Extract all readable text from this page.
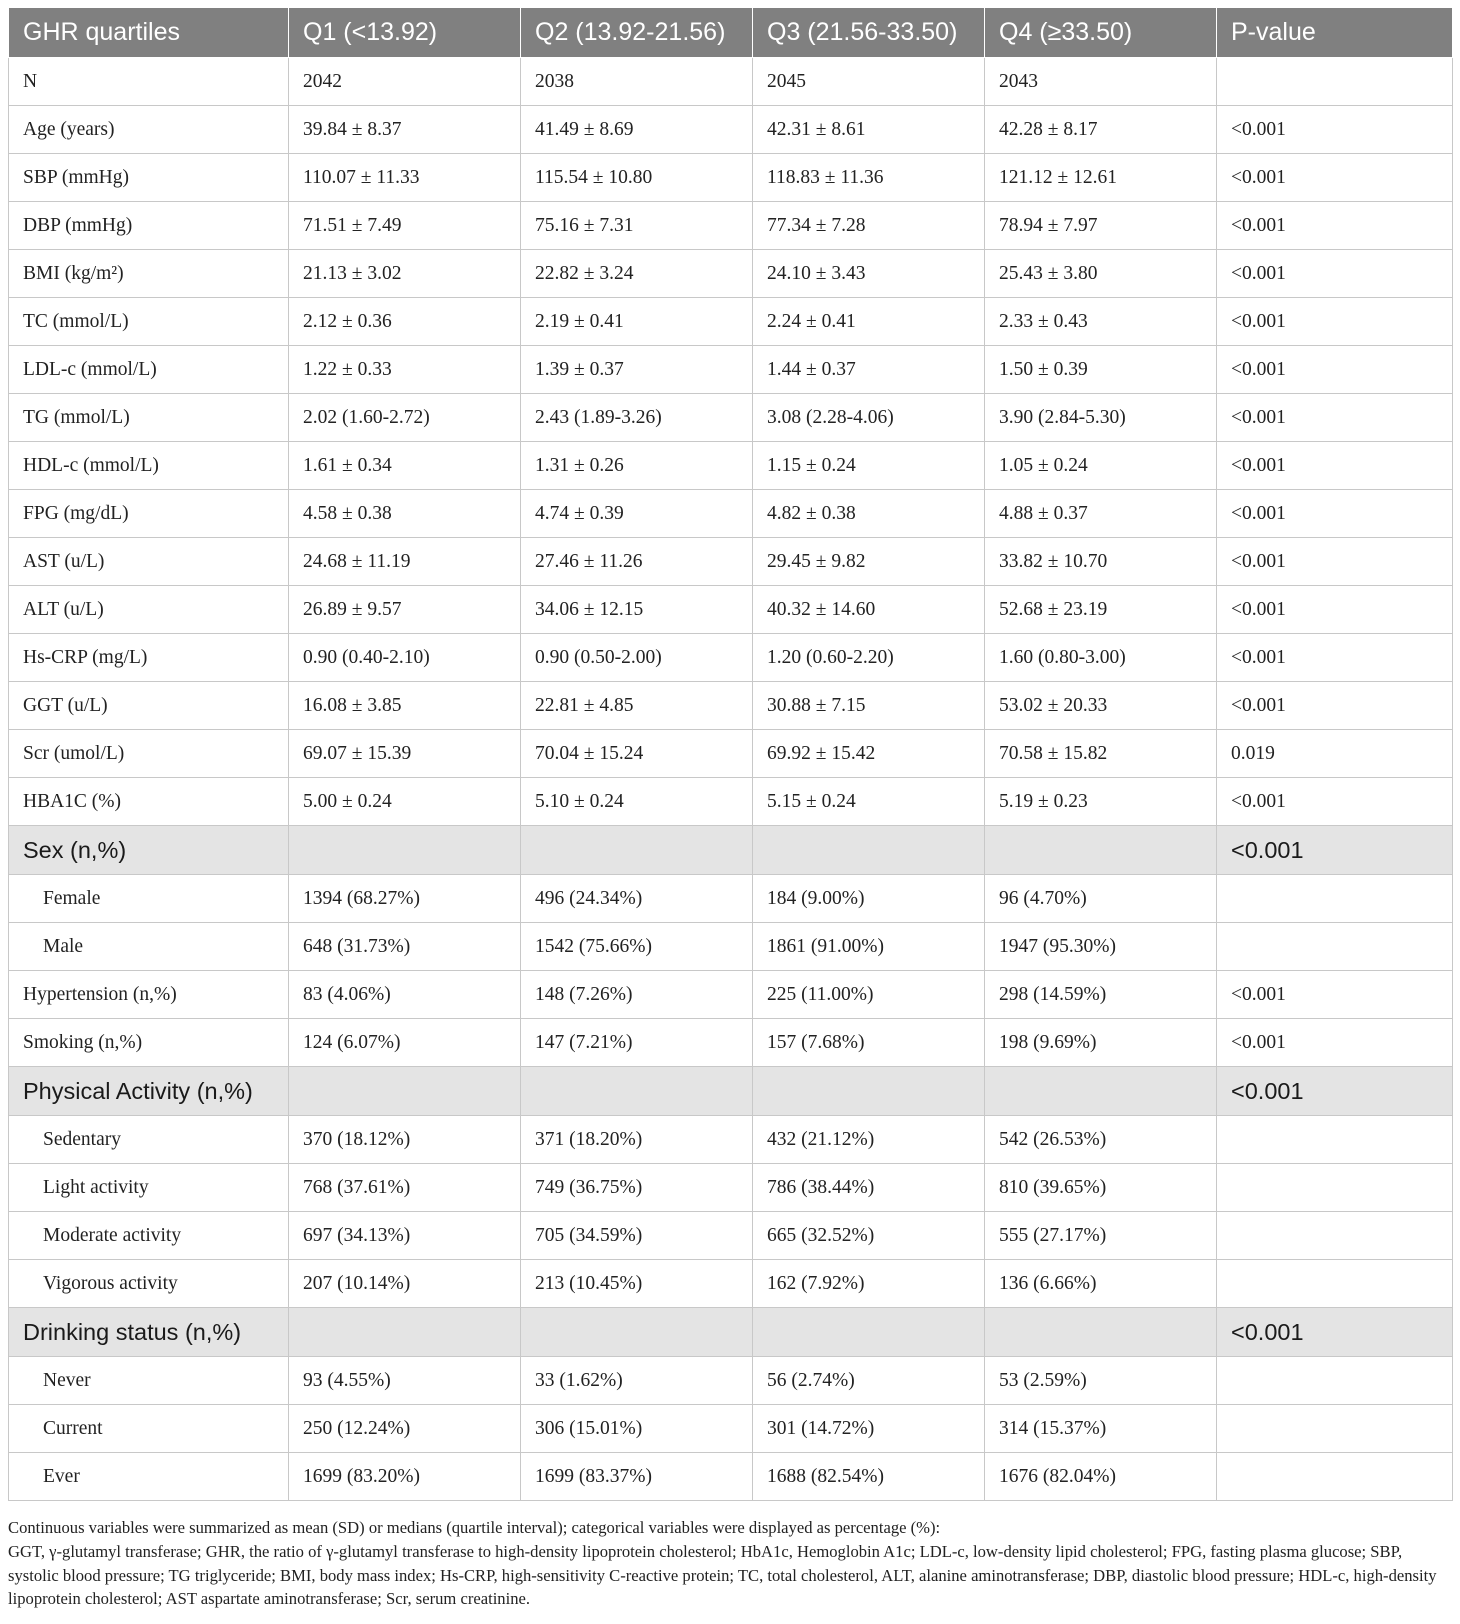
GHR quartiles	Q1 (<13.92)	Q2 (13.92-21.56)	Q3 (21.56-33.50)	Q4 (≥33.50)	P-value
N	2042	2038	2045	2043	
Age (years)	39.84 ± 8.37	41.49 ± 8.69	42.31 ± 8.61	42.28 ± 8.17	<0.001
SBP (mmHg)	110.07 ± 11.33	115.54 ± 10.80	118.83 ± 11.36	121.12 ± 12.61	<0.001
DBP (mmHg)	71.51 ± 7.49	75.16 ± 7.31	77.34 ± 7.28	78.94 ± 7.97	<0.001
BMI (kg/m²)	21.13 ± 3.02	22.82 ± 3.24	24.10 ± 3.43	25.43 ± 3.80	<0.001
TC (mmol/L)	2.12 ± 0.36	2.19 ± 0.41	2.24 ± 0.41	2.33 ± 0.43	<0.001
LDL-c (mmol/L)	1.22 ± 0.33	1.39 ± 0.37	1.44 ± 0.37	1.50 ± 0.39	<0.001
TG (mmol/L)	2.02 (1.60-2.72)	2.43 (1.89-3.26)	3.08 (2.28-4.06)	3.90 (2.84-5.30)	<0.001
HDL-c (mmol/L)	1.61 ± 0.34	1.31 ± 0.26	1.15 ± 0.24	1.05 ± 0.24	<0.001
FPG (mg/dL)	4.58 ± 0.38	4.74 ± 0.39	4.82 ± 0.38	4.88 ± 0.37	<0.001
AST (u/L)	24.68 ± 11.19	27.46 ± 11.26	29.45 ± 9.82	33.82 ± 10.70	<0.001
ALT (u/L)	26.89 ± 9.57	34.06 ± 12.15	40.32 ± 14.60	52.68 ± 23.19	<0.001
Hs-CRP (mg/L)	0.90 (0.40-2.10)	0.90 (0.50-2.00)	1.20 (0.60-2.20)	1.60 (0.80-3.00)	<0.001
GGT (u/L)	16.08 ± 3.85	22.81 ± 4.85	30.88 ± 7.15	53.02 ± 20.33	<0.001
Scr (umol/L)	69.07 ± 15.39	70.04 ± 15.24	69.92 ± 15.42	70.58 ± 15.82	0.019
HBA1C (%)	5.00 ± 0.24	5.10 ± 0.24	5.15 ± 0.24	5.19 ± 0.23	<0.001
Sex (n,%)					<0.001
Female	1394 (68.27%)	496 (24.34%)	184 (9.00%)	96 (4.70%)	
Male	648 (31.73%)	1542 (75.66%)	1861 (91.00%)	1947 (95.30%)	
Hypertension (n,%)	83 (4.06%)	148 (7.26%)	225 (11.00%)	298 (14.59%)	<0.001
Smoking (n,%)	124 (6.07%)	147 (7.21%)	157 (7.68%)	198 (9.69%)	<0.001
Physical Activity (n,%)					<0.001
Sedentary	370 (18.12%)	371 (18.20%)	432 (21.12%)	542 (26.53%)	
Light activity	768 (37.61%)	749 (36.75%)	786 (38.44%)	810 (39.65%)	
Moderate activity	697 (34.13%)	705 (34.59%)	665 (32.52%)	555 (27.17%)	
Vigorous activity	207 (10.14%)	213 (10.45%)	162 (7.92%)	136 (6.66%)	
Drinking status (n,%)					<0.001
Never	93 (4.55%)	33 (1.62%)	56 (2.74%)	53 (2.59%)	
Current	250 (12.24%)	306 (15.01%)	301 (14.72%)	314 (15.37%)	
Ever	1699 (83.20%)	1699 (83.37%)	1688 (82.54%)	1676 (82.04%)	

Continuous variables were summarized as mean (SD) or medians (quartile interval); categorical variables were displayed as percentage (%):

GGT, γ-glutamyl transferase; GHR, the ratio of γ-glutamyl transferase to high-density lipoprotein cholesterol; HbA1c, Hemoglobin A1c; LDL-c, low-density lipid cholesterol; FPG, fasting plasma glucose; SBP, systolic blood pressure; TG triglyceride; BMI, body mass index; Hs-CRP, high-sensitivity C-reactive protein; TC, total cholesterol, ALT, alanine aminotransferase; DBP, diastolic blood pressure; HDL-c, high-density lipoprotein cholesterol; AST aspartate aminotransferase; Scr, serum creatinine.
